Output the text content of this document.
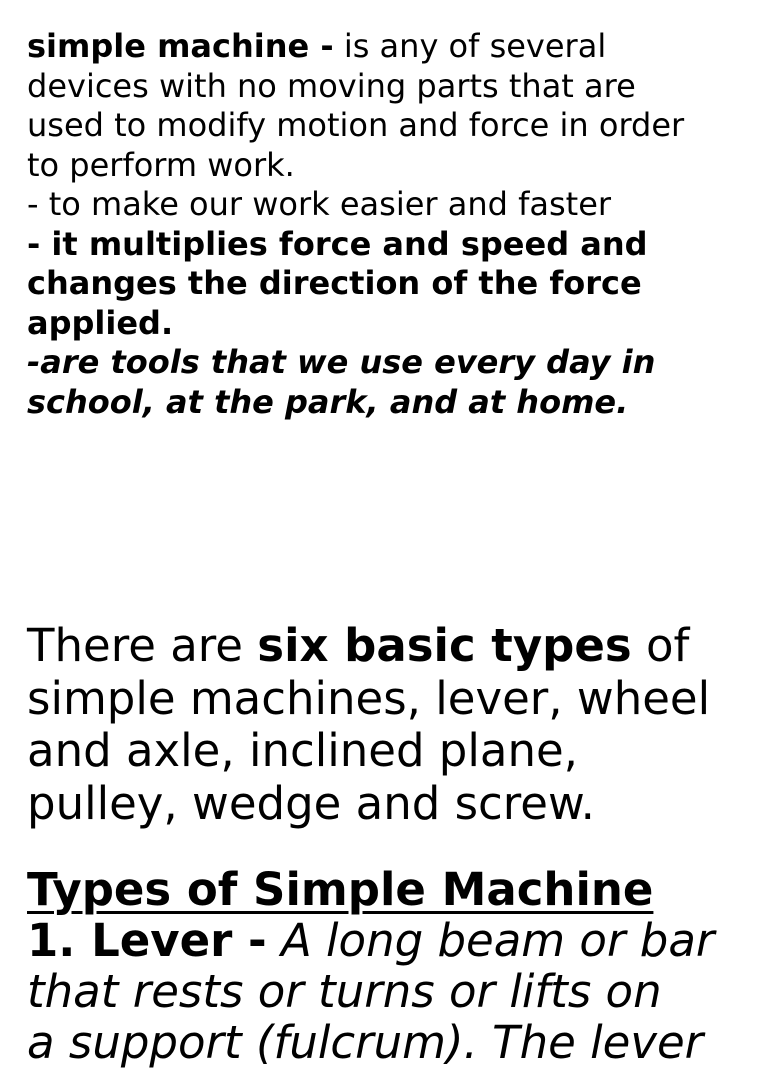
simple machine - is any of several
devices with no moving parts that are
used to modify motion and force in order
to perform work.
- to make our work easier and faster
- it multiplies force and speed and
changes the direction of the force
applied.
-are tools that we use every day in
school, at the park, and at home.
There are six basic types of
simple machines, lever, wheel
and axle, inclined plane,
pulley, wedge and screw.
Types of Simple Machine
1. Lever - A long beam or bar
that rests or turns or lifts on
a support (fulcrum). The lever
